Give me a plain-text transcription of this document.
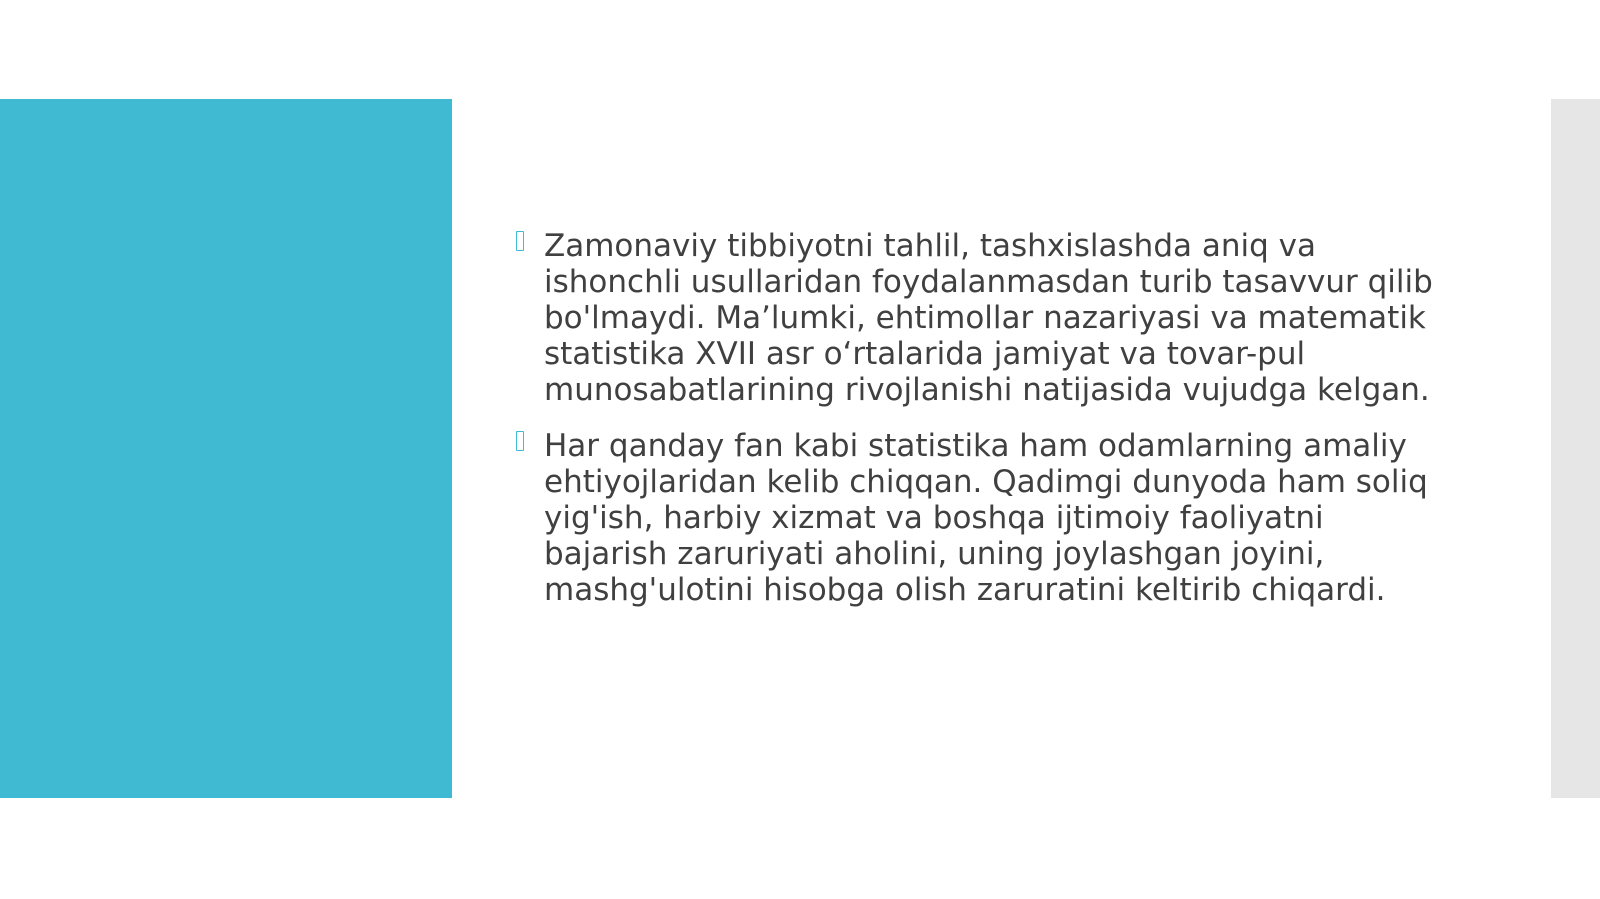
Zamonaviy tibbiyotni tahlil, tashxislashda aniq va ishonchli usullaridan foydalanmasdan turib tasavvur qilib bo'lmaydi. Ma’lumki, ehtimollar nazariyasi va matematik statistika XVII asr o‘rtalarida jamiyat va tovar-pul munosabatlarining rivojlanishi natijasida vujudga kelgan.
Har qanday fan kabi statistika ham odamlarning amaliy ehtiyojlaridan kelib chiqqan. Qadimgi dunyoda ham soliq yig'ish, harbiy xizmat va boshqa ijtimoiy faoliyatni bajarish zaruriyati aholini, uning joylashgan joyini, mashg'ulotini hisobga olish zaruratini keltirib chiqardi.
